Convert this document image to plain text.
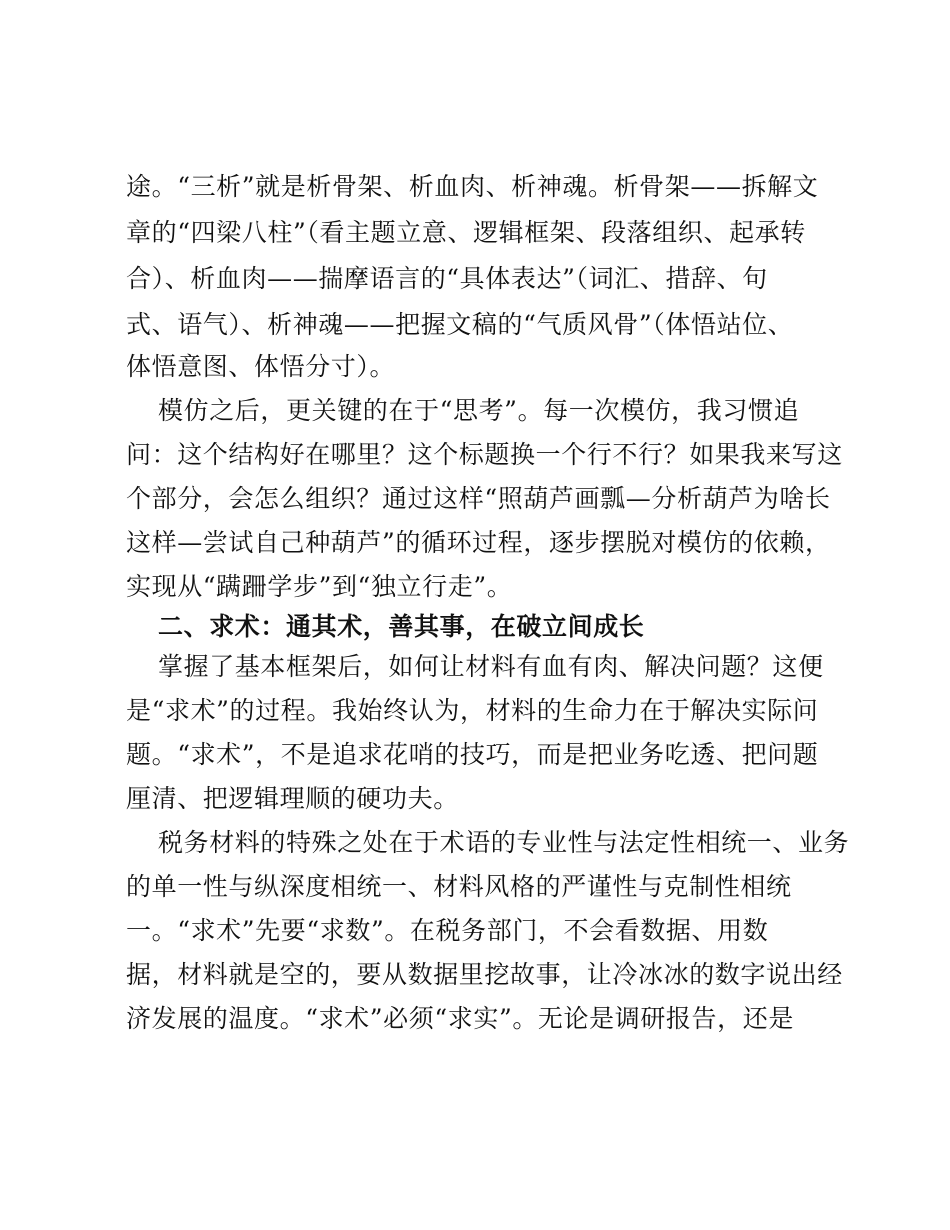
途。“三析”就是析骨架、析血肉、析神魂。析骨架——拆解文
章的“四梁八柱”（看主题立意、逻辑框架、段落组织、起承转
合）、析血肉——揣摩语言的“具体表达”（词汇、措辞、句
式、语气）、析神魂——把握文稿的“气质风骨”（体悟站位、
体悟意图、体悟分寸）。
模仿之后，更关键的在于“思考”。每一次模仿，我习惯追
问：这个结构好在哪里？这个标题换一个行不行？如果我来写这
个部分，会怎么组织？通过这样“照葫芦画瓢—分析葫芦为啥长
这样—尝试自己种葫芦”的循环过程，逐步摆脱对模仿的依赖，
实现从“蹒跚学步”到“独立行走”。
二、求术：通其术，善其事，在破立间成长
掌握了基本框架后，如何让材料有血有肉、解决问题？这便
是“求术”的过程。我始终认为，材料的生命力在于解决实际问
题。“求术”，不是追求花哨的技巧，而是把业务吃透、把问题
厘清、把逻辑理顺的硬功夫。
税务材料的特殊之处在于术语的专业性与法定性相统一、业务
的单一性与纵深度相统一、材料风格的严谨性与克制性相统
一。“求术”先要“求数”。在税务部门，不会看数据、用数
据，材料就是空的，要从数据里挖故事，让冷冰冰的数字说出经
济发展的温度。“求术”必须“求实”。无论是调研报告，还是
